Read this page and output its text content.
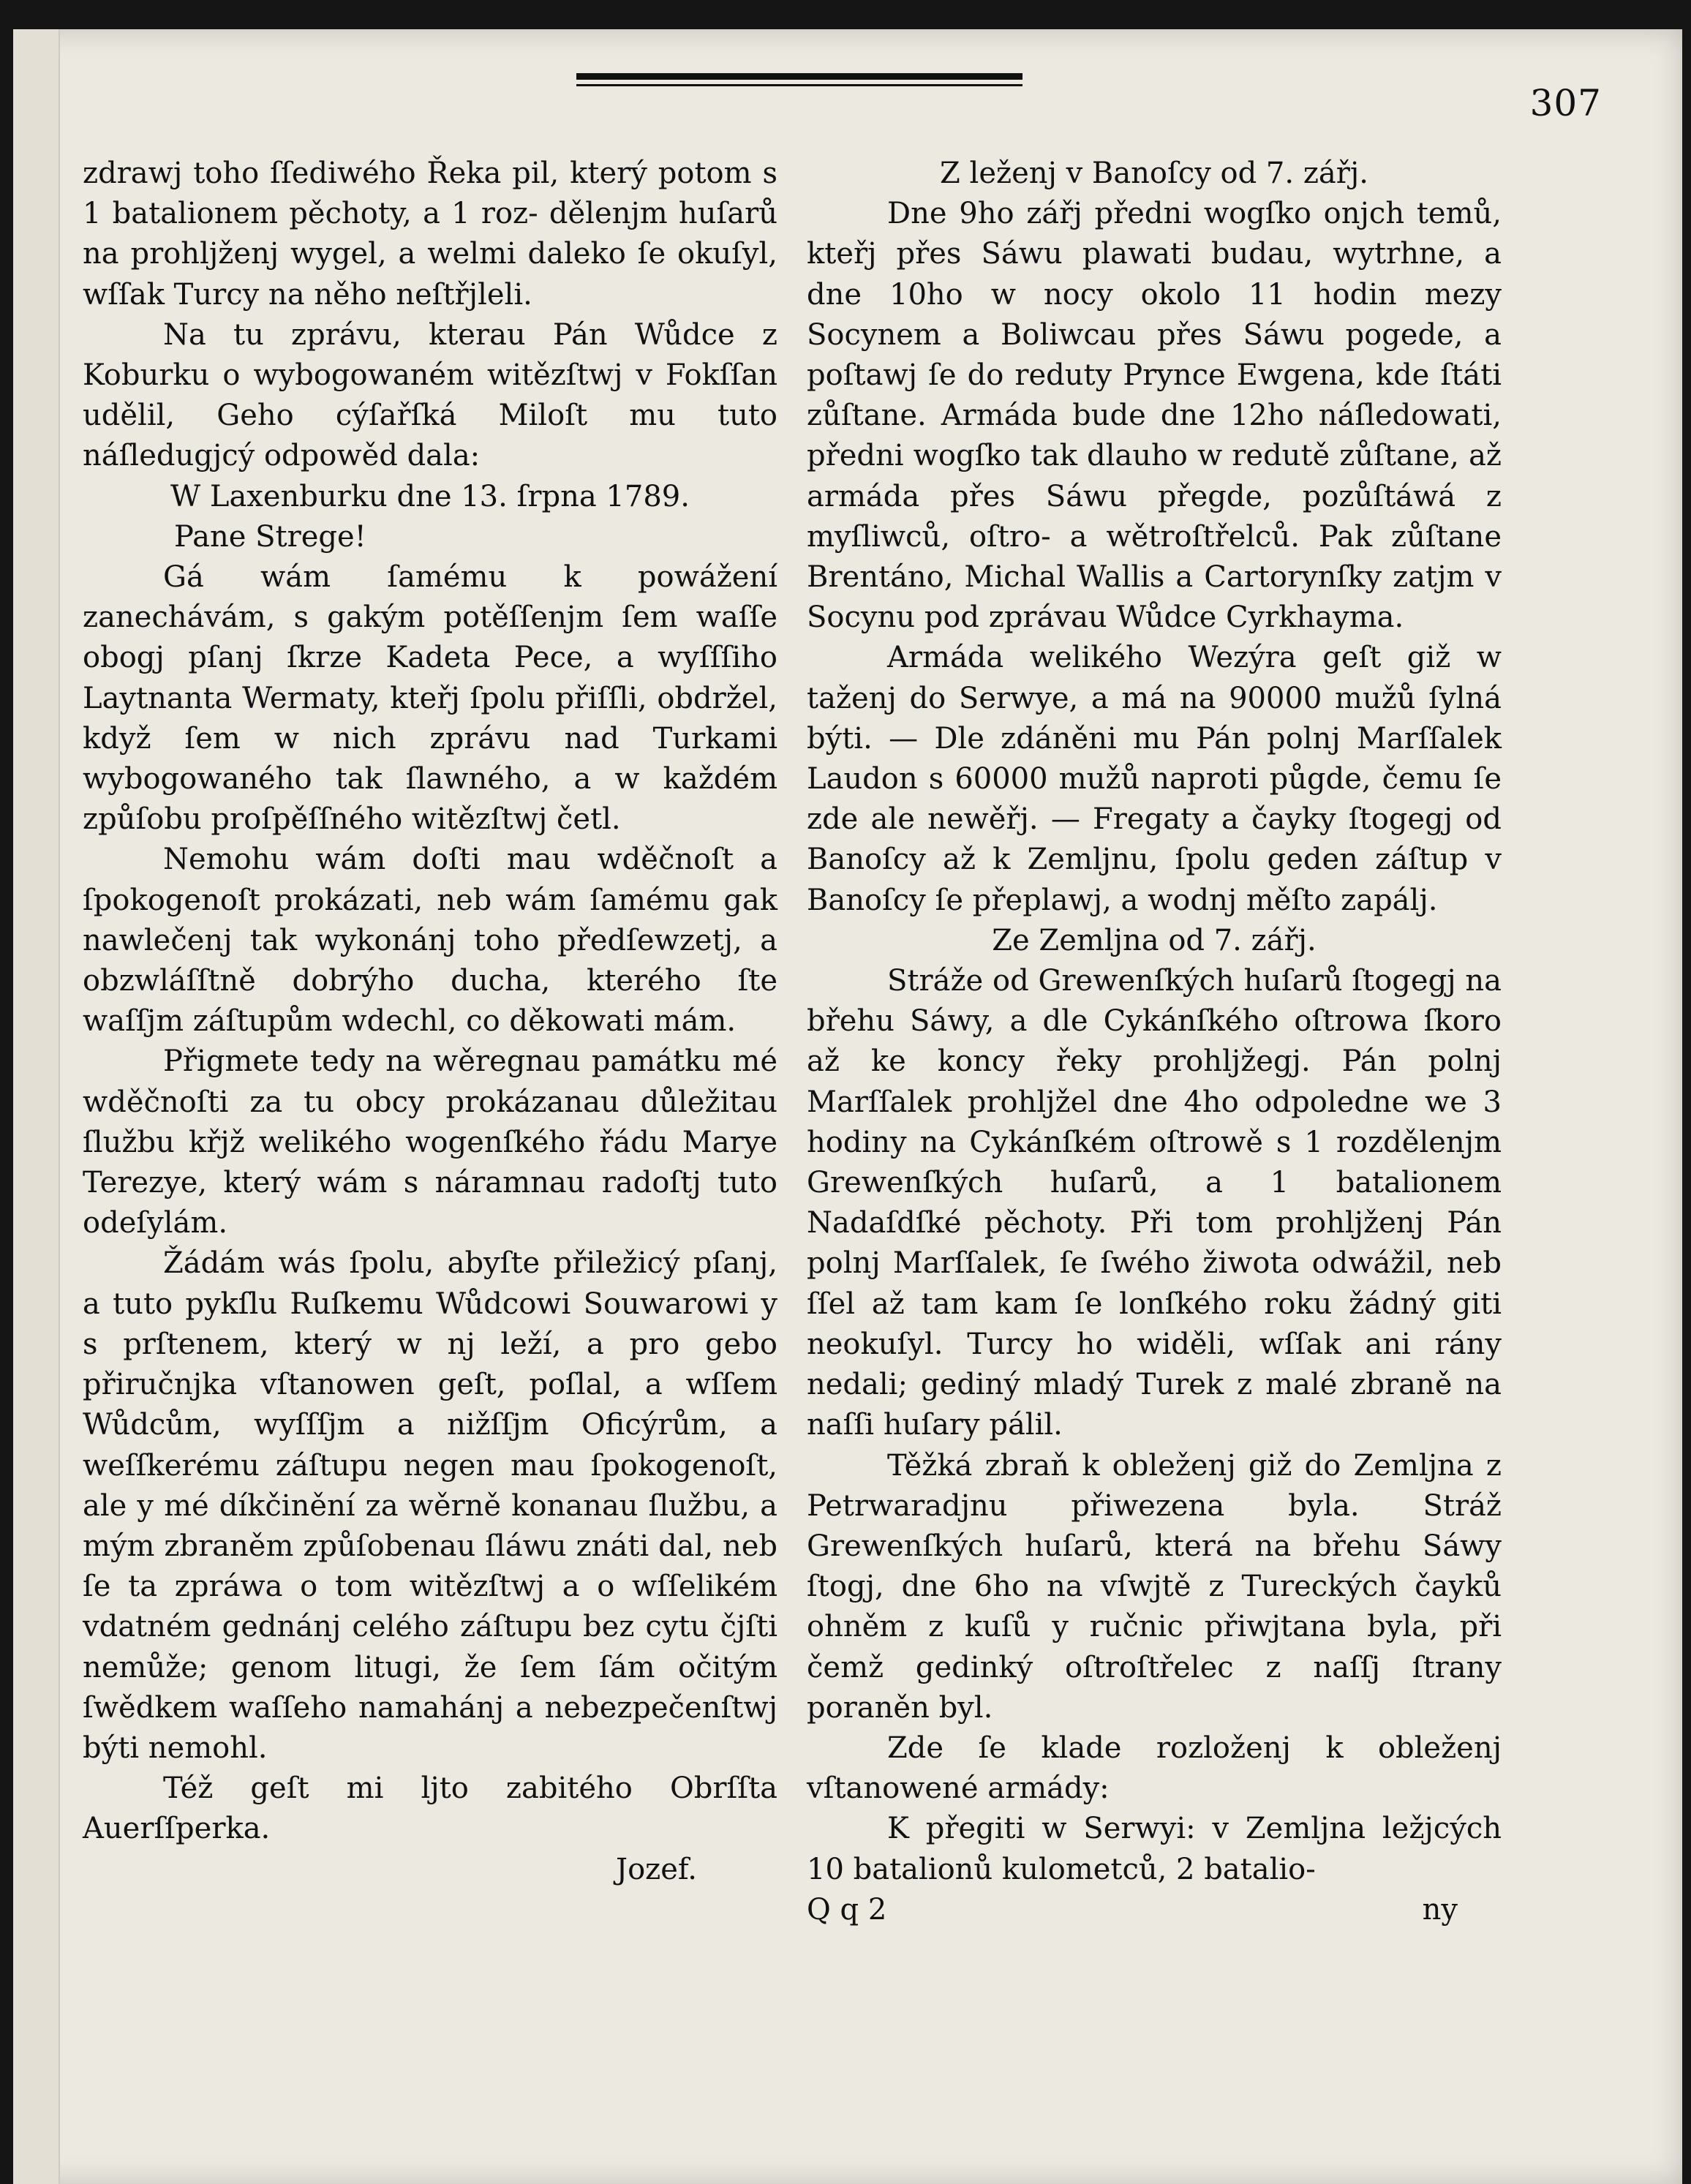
307

zdrawj toho ſſediwého Řeka pil, který potom s 1 batalionem pěchoty, a 1 roz- dělenjm huſarů na prohljženj wygel, a welmi daleko ſe okuſyl, wſſak Turcy na něho neſtřjleli.

Na tu zprávu, kterau Pán Wůdce z Koburku o wybogowaném witězſtwj v Fokſſan udělil, Geho cýſařſká Miloſt mu tuto náſledugjcý odpowěd dala:

W Laxenburku dne 13. ſrpna 1789.

Pane Strege!

Gá wám ſamému k powážení zanechávám, s gakým potěſſenjm ſem waſſe obogj pſanj ſkrze Kadeta Pece, a wyſſſiho Laytnanta Wermaty, kteřj ſpolu přiſſli, obdržel, když ſem w nich zprávu nad Turkami wybogowaného tak ſlawného, a w každém způſobu proſpěſſného witězſtwj četl.

Nemohu wám doſti mau wděčnoſt a ſpokogenoſt prokázati, neb wám ſamému gak nawlečenj tak wykonánj toho předſewzetj, a obzwláſſtně dobrýho ducha, kterého ſte waſſjm záſtupům wdechl, co děkowati mám.

Přigmete tedy na wěregnau památku mé wděčnoſti za tu obcy prokázanau důležitau ſlužbu křjž welikého wogenſkého řádu Marye Terezye, který wám s náramnau radoſtj tuto odeſylám.

Žádám wás ſpolu, abyſte přiležicý pſanj, a tuto pykſlu Ruſkemu Wůdcowi Souwarowi y s prſtenem, který w nj leží, a pro gebo přiručnjka vſtanowen geſt, poſlal, a wſſem Wůdcům, wyſſſjm a nižſſjm Oficýrům, a weſſkerému záſtupu negen mau ſpokogenoſt, ale y mé díkčinění za wěrně konanau ſlužbu, a mým zbraněm způſobenau ſláwu znáti dal, neb ſe ta zpráwa o tom witězſtwj a o wſſelikém vdatném gednánj celého záſtupu bez cytu čjſti nemůže; genom litugi, že ſem ſám očitým ſwědkem waſſeho namahánj a nebezpečenſtwj býti nemohl.

Též geſt mi ljto zabitého Obrſſta Auerſſperka.

Jozef.

Z leženj v Banoſcy od 7. zářj.

Dne 9ho zářj předni wogſko onjch temů, kteřj přes Sáwu plawati budau, wytrhne, a dne 10ho w nocy okolo 11 hodin mezy Socynem a Boliwcau přes Sáwu pogede, a poſtawj ſe do reduty Prynce Ewgena, kde ſtáti zůſtane. Armáda bude dne 12ho náſledowati, předni wogſko tak dlauho w redutě zůſtane, až armáda přes Sáwu přegde, pozůſtáwá z myſliwců, oſtro- a wětroſtřelců. Pak zůſtane Brentáno, Michal Wallis a Cartorynſky zatjm v Socynu pod zprávau Wůdce Cyrkhayma.

Armáda welikého Wezýra geſt giž w taženj do Serwye, a má na 90000 mužů ſylná býti. — Dle zdáněni mu Pán polnj Marſſalek Laudon s 60000 mužů naproti půgde, čemu ſe zde ale newěřj. — Fregaty a čayky ſtogegj od Banoſcy až k Zemljnu, ſpolu geden záſtup v Banoſcy ſe přeplawj, a wodnj měſto zapálj.

Ze Zemljna od 7. zářj.

Stráže od Grewenſkých huſarů ſtogegj na břehu Sáwy, a dle Cykánſkého oſtrowa ſkoro až ke koncy řeky prohljžegj. Pán polnj Marſſalek prohljžel dne 4ho odpoledne we 3 hodiny na Cykánſkém oſtrowě s 1 rozdělenjm Grewenſkých huſarů, a 1 batalionem Nadaſdſké pěchoty. Při tom prohljženj Pán polnj Marſſalek, ſe ſwého žiwota odwážil, neb ſſel až tam kam ſe lonſkého roku žádný giti neokuſyl. Turcy ho widěli, wſſak ani rány nedali; gediný mladý Turek z malé zbraně na naſſi huſary pálil.

Těžká zbraň k obleženj giž do Zemljna z Petrwaradjnu přiwezena byla. Stráž Grewenſkých huſarů, která na břehu Sáwy ſtogj, dne 6ho na vſwjtě z Tureckých čayků ohněm z kuſů y ručnic přiwjtana byla, při čemž gedinký oſtroſtřelec z naſſj ſtrany poraněn byl.

Zde ſe klade rozloženj k obleženj vſtanowené armády:

K přegiti w Serwyi: v Zemljna ležjcých 10 batalionů kulometců, 2 batalio-

Q q 2	ny
